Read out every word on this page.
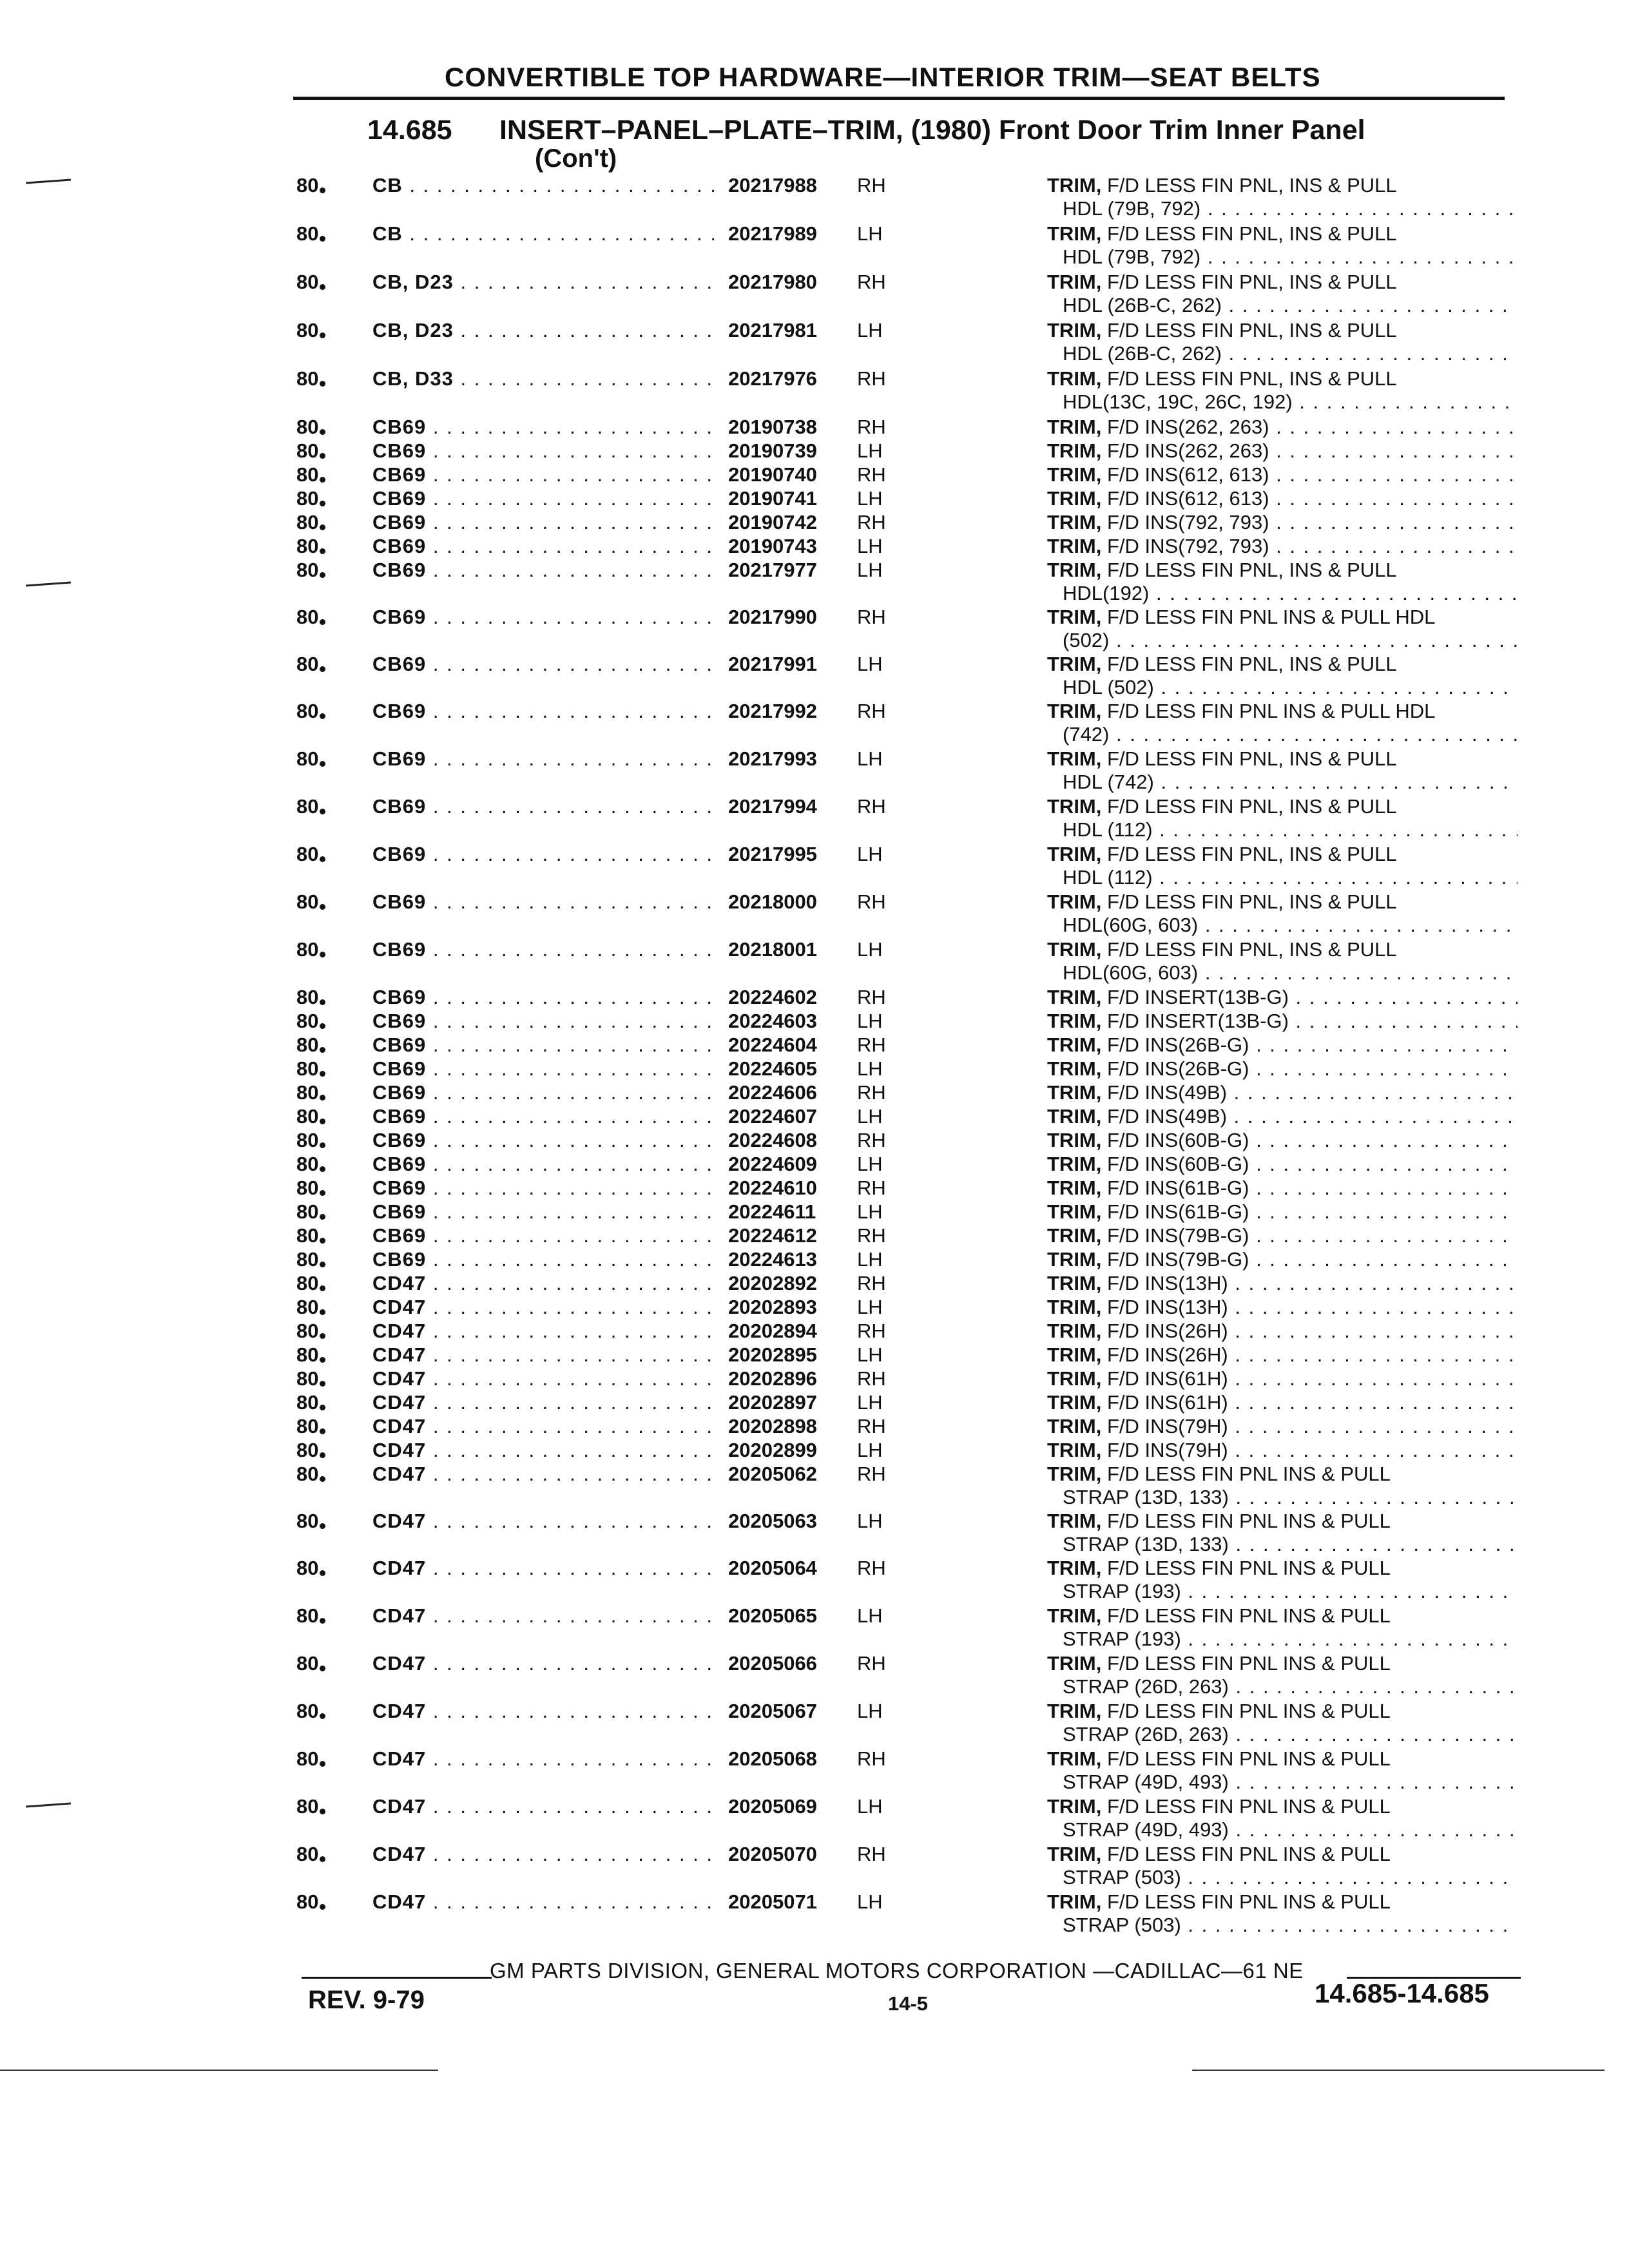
CONVERTIBLE TOP HARDWARE—INTERIOR TRIM—SEAT BELTS
14.685 INSERT–PANEL–PLATE–TRIM, (1980) Front Door Trim Inner Panel
(Con't)
80	CB . . .	20217988 RH	TRIM, F/D LESS FIN PNL, INS & PULL
HDL (79B, 792) . . .
80	CB . . .	20217989 LH	TRIM, F/D LESS FIN PNL, INS & PULL
HDL (79B, 792) . . .
80	CB, D23 . . .	20217980 RH	TRIM, F/D LESS FIN PNL, INS & PULL
HDL (26B-C, 262) . . .
80	CB, D23 . . .	20217981 LH	TRIM, F/D LESS FIN PNL, INS & PULL
HDL (26B-C, 262) . . .
80	CB, D33 . . .	20217976 RH	TRIM, F/D LESS FIN PNL, INS & PULL
HDL(13C, 19C, 26C, 192) . . .
80	CB69 . . .	20190738 RH	TRIM, F/D INS(262, 263) . . .
80	CB69 . . .	20190739 LH	TRIM, F/D INS(262, 263) . . .
80	CB69 . . .	20190740 RH	TRIM, F/D INS(612, 613) . . .
80	CB69 . . .	20190741 LH	TRIM, F/D INS(612, 613) . . .
80	CB69 . . .	20190742 RH	TRIM, F/D INS(792, 793) . . .
80	CB69 . . .	20190743 LH	TRIM, F/D INS(792, 793) . . .
80	CB69 . . .	20217977 LH	TRIM, F/D LESS FIN PNL, INS & PULL
HDL(192) . . .
80	CB69 . . .	20217990 RH	TRIM, F/D LESS FIN PNL INS & PULL HDL
(502) . . .
80	CB69 . . .	20217991 LH	TRIM, F/D LESS FIN PNL, INS & PULL
HDL (502) . . .
80	CB69 . . .	20217992 RH	TRIM, F/D LESS FIN PNL INS & PULL HDL
(742) . . .
80	CB69 . . .	20217993 LH	TRIM, F/D LESS FIN PNL, INS & PULL
HDL (742) . . .
80	CB69 . . .	20217994 RH	TRIM, F/D LESS FIN PNL, INS & PULL
HDL (112) . . .
80	CB69 . . .	20217995 LH	TRIM, F/D LESS FIN PNL, INS & PULL
HDL (112) . . .
80	CB69 . . .	20218000 RH	TRIM, F/D LESS FIN PNL, INS & PULL
HDL(60G, 603) . . .
80	CB69 . . .	20218001 LH	TRIM, F/D LESS FIN PNL, INS & PULL
HDL(60G, 603) . . .
80	CB69 . . .	20224602 RH	TRIM, F/D INSERT(13B-G) . . .
80	CB69 . . .	20224603 LH	TRIM, F/D INSERT(13B-G) . . .
80	CB69 . . .	20224604 RH	TRIM, F/D INS(26B-G) . . .
80	CB69 . . .	20224605 LH	TRIM, F/D INS(26B-G) . . .
80	CB69 . . .	20224606 RH	TRIM, F/D INS(49B) . . .
80	CB69 . . .	20224607 LH	TRIM, F/D INS(49B) . . .
80	CB69 . . .	20224608 RH	TRIM, F/D INS(60B-G) . . .
80	CB69 . . .	20224609 LH	TRIM, F/D INS(60B-G) . . .
80	CB69 . . .	20224610 RH	TRIM, F/D INS(61B-G) . . .
80	CB69 . . .	20224611 LH	TRIM, F/D INS(61B-G) . . .
80	CB69 . . .	20224612 RH	TRIM, F/D INS(79B-G) . . .
80	CB69 . . .	20224613 LH	TRIM, F/D INS(79B-G) . . .
80	CD47 . . .	20202892 RH	TRIM, F/D INS(13H) . . .
80	CD47 . . .	20202893 LH	TRIM, F/D INS(13H) . . .
80	CD47 . . .	20202894 RH	TRIM, F/D INS(26H) . . .
80	CD47 . . .	20202895 LH	TRIM, F/D INS(26H) . . .
80	CD47 . . .	20202896 RH	TRIM, F/D INS(61H) . . .
80	CD47 . . .	20202897 LH	TRIM, F/D INS(61H) . . .
80	CD47 . . .	20202898 RH	TRIM, F/D INS(79H) . . .
80	CD47 . . .	20202899 LH	TRIM, F/D INS(79H) . . .
80	CD47 . . .	20205062 RH	TRIM, F/D LESS FIN PNL INS & PULL
STRAP (13D, 133) . . .
80	CD47 . . .	20205063 LH	TRIM, F/D LESS FIN PNL INS & PULL
STRAP (13D, 133) . . .
80	CD47 . . .	20205064 RH	TRIM, F/D LESS FIN PNL INS & PULL
STRAP (193) . . .
80	CD47 . . .	20205065 LH	TRIM, F/D LESS FIN PNL INS & PULL
STRAP (193) . . .
80	CD47 . . .	20205066 RH	TRIM, F/D LESS FIN PNL INS & PULL
STRAP (26D, 263) . . .
80	CD47 . . .	20205067 LH	TRIM, F/D LESS FIN PNL INS & PULL
STRAP (26D, 263) . . .
80	CD47 . . .	20205068 RH	TRIM, F/D LESS FIN PNL INS & PULL
STRAP (49D, 493) . . .
80	CD47 . . .	20205069 LH	TRIM, F/D LESS FIN PNL INS & PULL
STRAP (49D, 493) . . .
80	CD47 . . .	20205070 RH	TRIM, F/D LESS FIN PNL INS & PULL
STRAP (503) . . .
80	CD47 . . .	20205071 LH	TRIM, F/D LESS FIN PNL INS & PULL
STRAP (503) . . .
GM PARTS DIVISION, GENERAL MOTORS CORPORATION —CADILLAC—61 NE
REV. 9-79	14-5	14.685-14.685
